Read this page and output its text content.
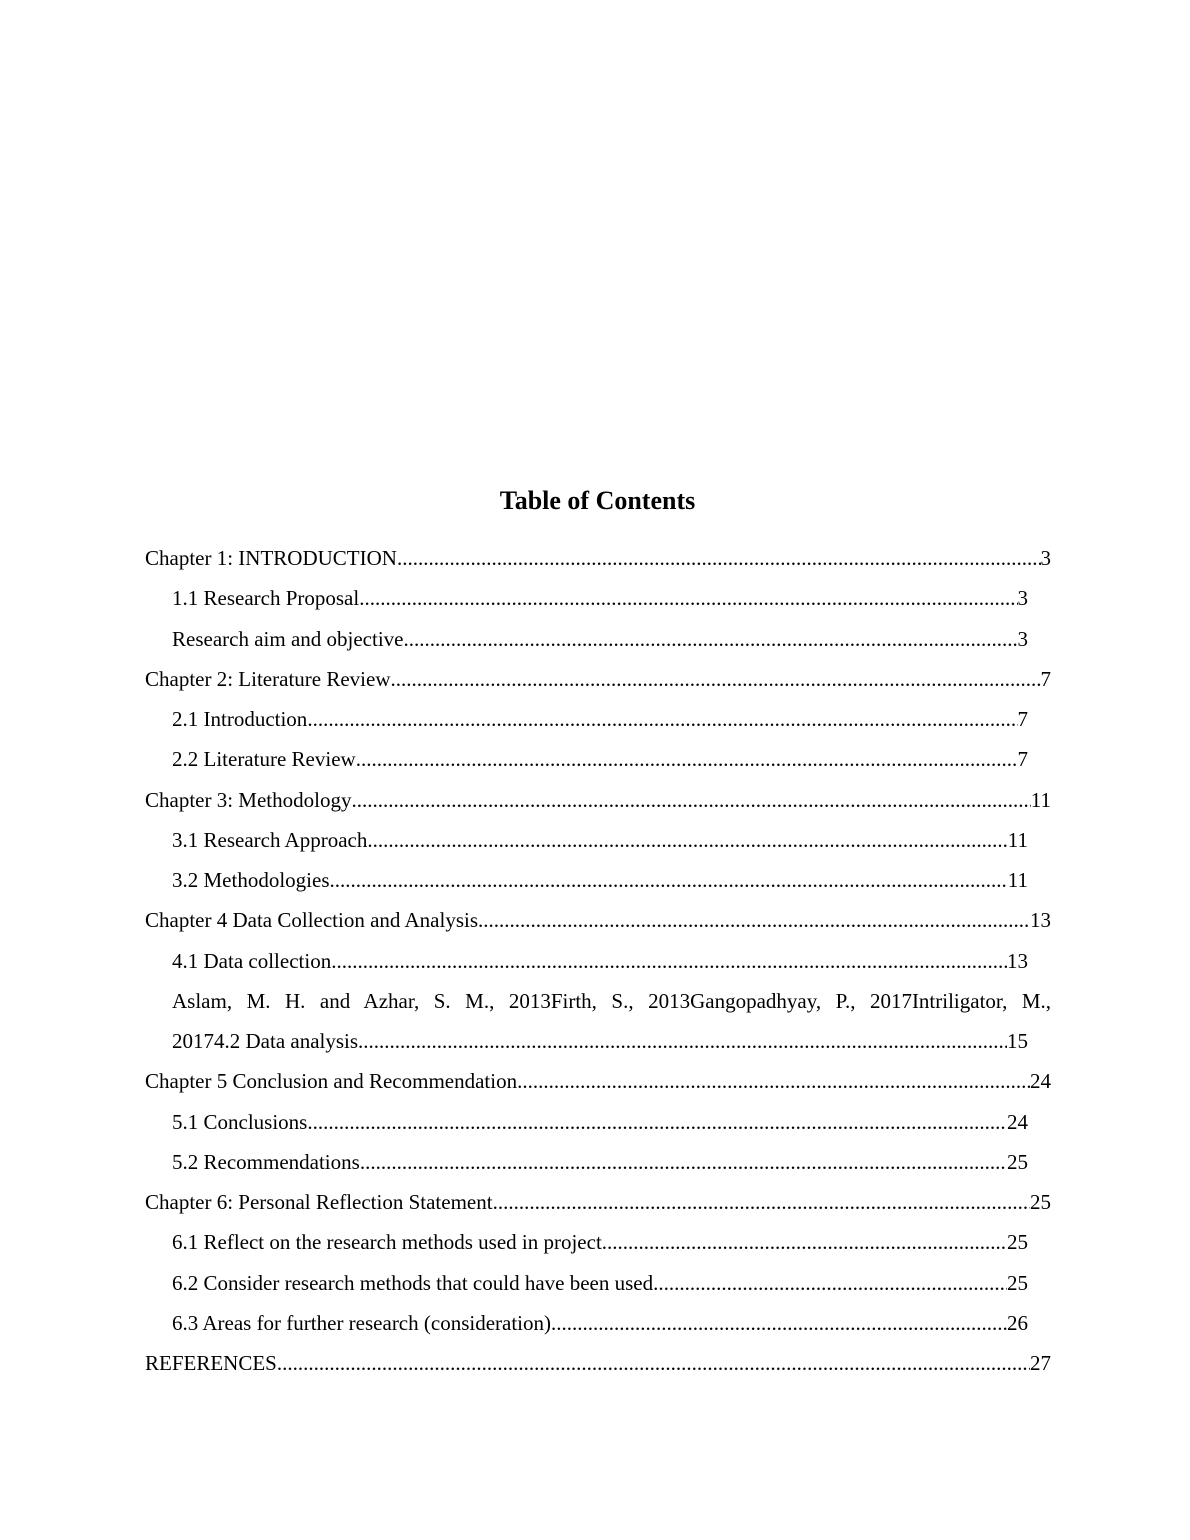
Table of Contents
Chapter 1: INTRODUCTION .....	3
1.1 Research Proposal .....	3
Research aim and objective .....	3
Chapter 2: Literature Review .....	7
2.1 Introduction .....	7
2.2 Literature Review .....	7
Chapter 3: Methodology .....	11
3.1 Research Approach .....	11
3.2 Methodologies .....	11
Chapter 4 Data Collection and Analysis .....	13
4.1 Data collection .....	13
Aslam, M. H. and Azhar, S. M., 2013Firth, S., 2013Gangopadhyay, P., 2017Intriligator, M.,
20174.2 Data analysis .....	15
Chapter 5 Conclusion and Recommendation .....	24
5.1 Conclusions .....	24
5.2 Recommendations .....	25
Chapter 6: Personal Reflection Statement .....	25
6.1 Reflect on the research methods used in project .....	25
6.2 Consider research methods that could have been used .....	25
6.3 Areas for further research (consideration) .....	26
REFERENCES .....	27
